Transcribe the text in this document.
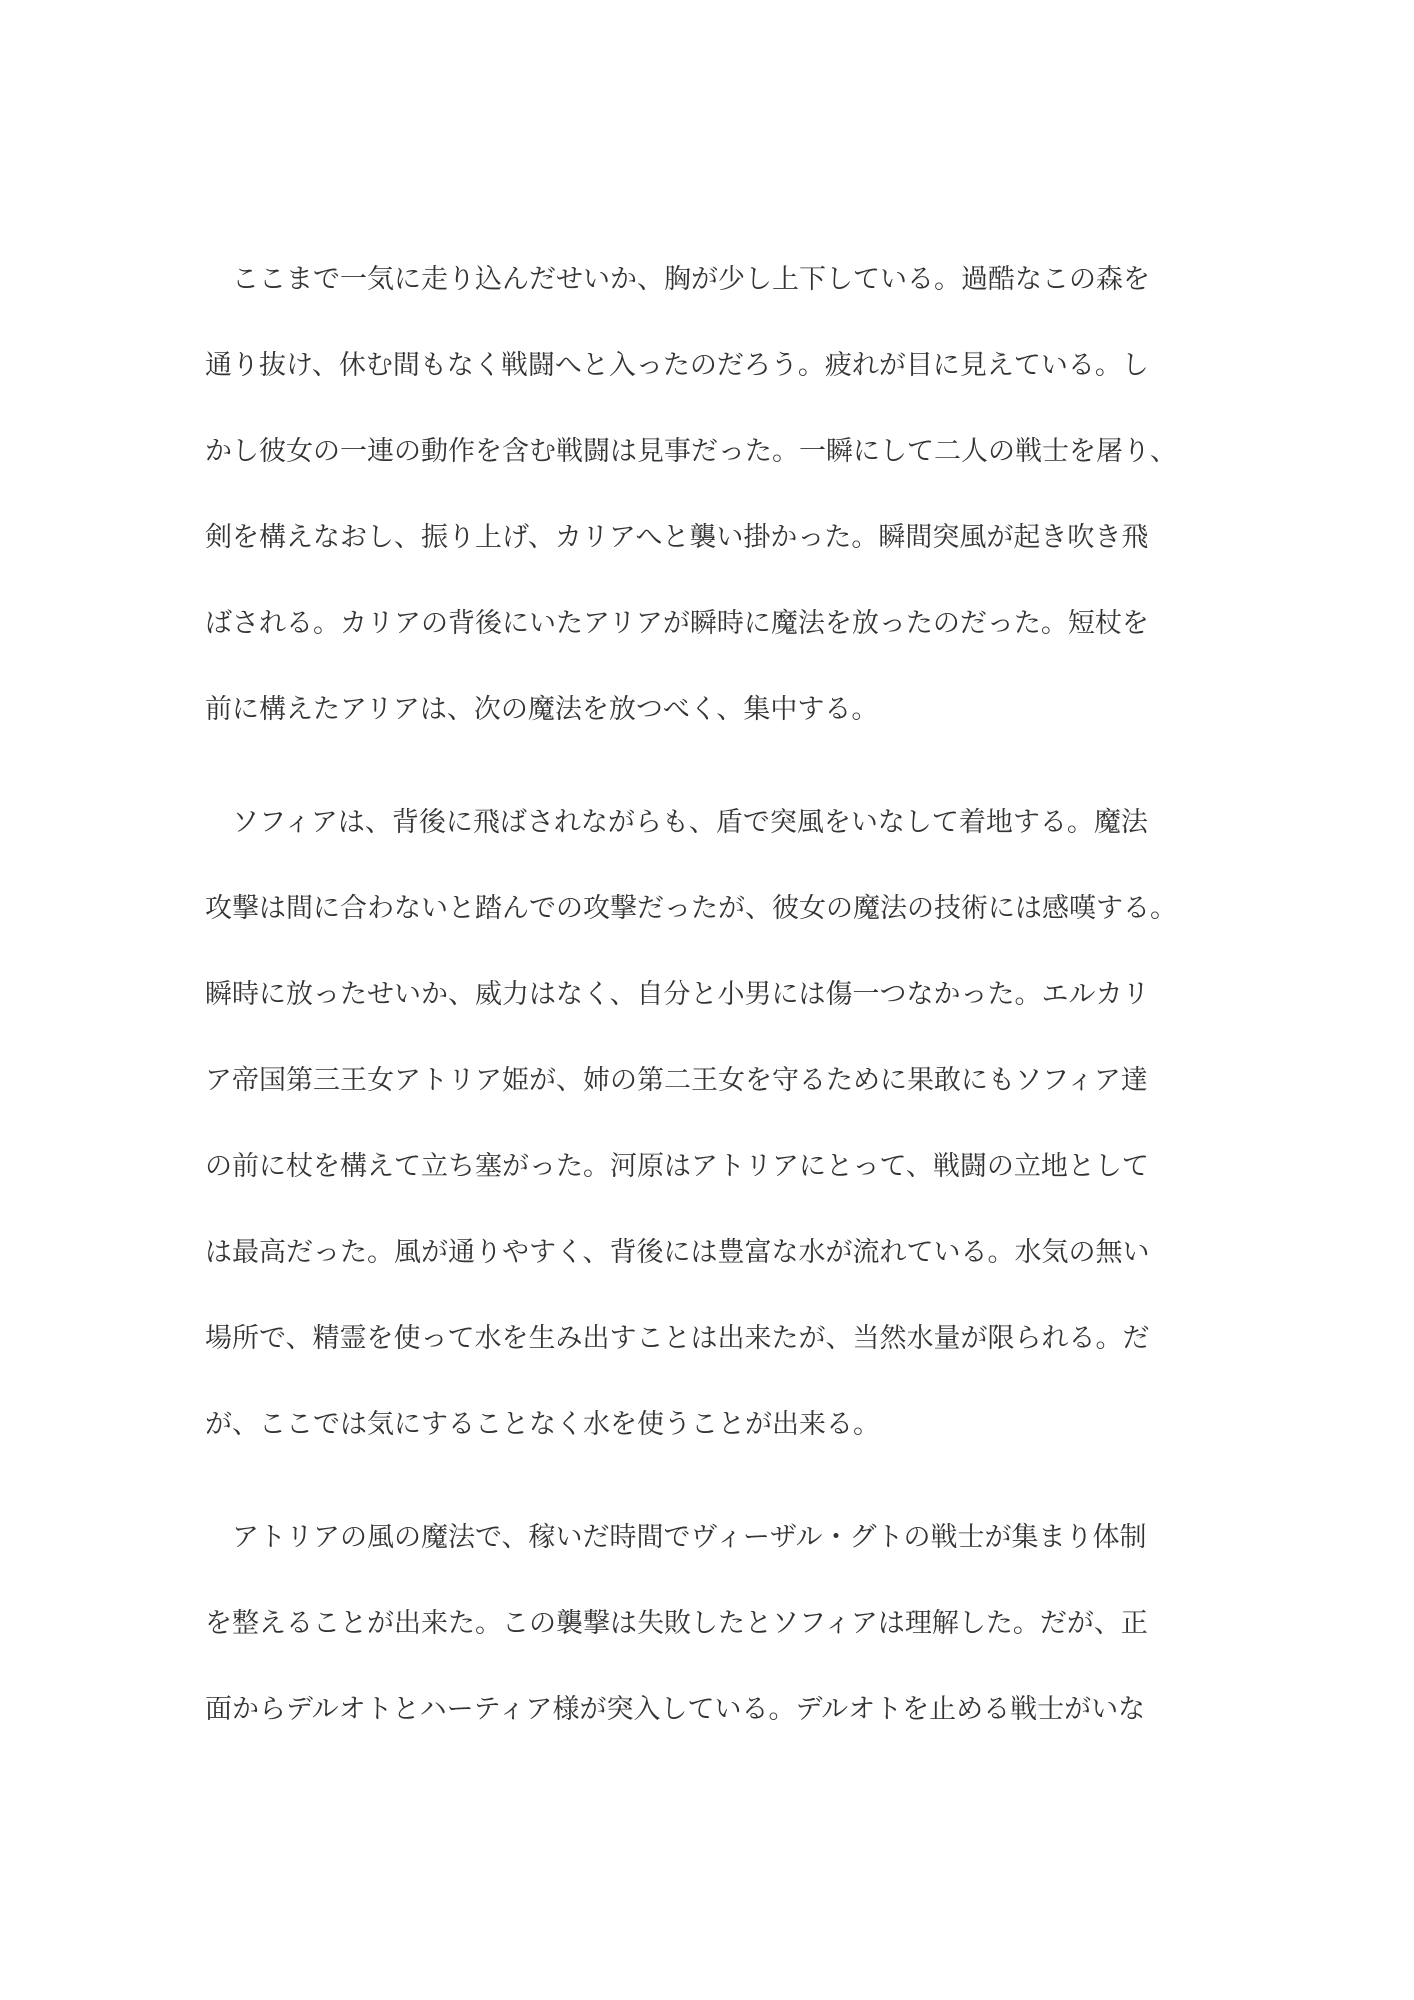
ここまで一気に走り込んだせいか、胸が少し上下している。過酷なこの森を
通り抜け、休む間もなく戦闘へと入ったのだろう。疲れが目に見えている。し
かし彼女の一連の動作を含む戦闘は見事だった。一瞬にして二人の戦士を屠り、
剣を構えなおし、振り上げ、カリアへと襲い掛かった。瞬間突風が起き吹き飛
ばされる。カリアの背後にいたアリアが瞬時に魔法を放ったのだった。短杖を
前に構えたアリアは、次の魔法を放つべく、集中する。
ソフィアは、背後に飛ばされながらも、盾で突風をいなして着地する。魔法
攻撃は間に合わないと踏んでの攻撃だったが、彼女の魔法の技術には感嘆する。
瞬時に放ったせいか、威力はなく、自分と小男には傷一つなかった。エルカリ
ア帝国第三王女アトリア姫が、姉の第二王女を守るために果敢にもソフィア達
の前に杖を構えて立ち塞がった。河原はアトリアにとって、戦闘の立地として
は最高だった。風が通りやすく、背後には豊富な水が流れている。水気の無い
場所で、精霊を使って水を生み出すことは出来たが、当然水量が限られる。だ
が、ここでは気にすることなく水を使うことが出来る。
アトリアの風の魔法で、稼いだ時間でヴィーザル・グトの戦士が集まり体制
を整えることが出来た。この襲撃は失敗したとソフィアは理解した。だが、正
面からデルオトとハーティア様が突入している。デルオトを止める戦士がいな
